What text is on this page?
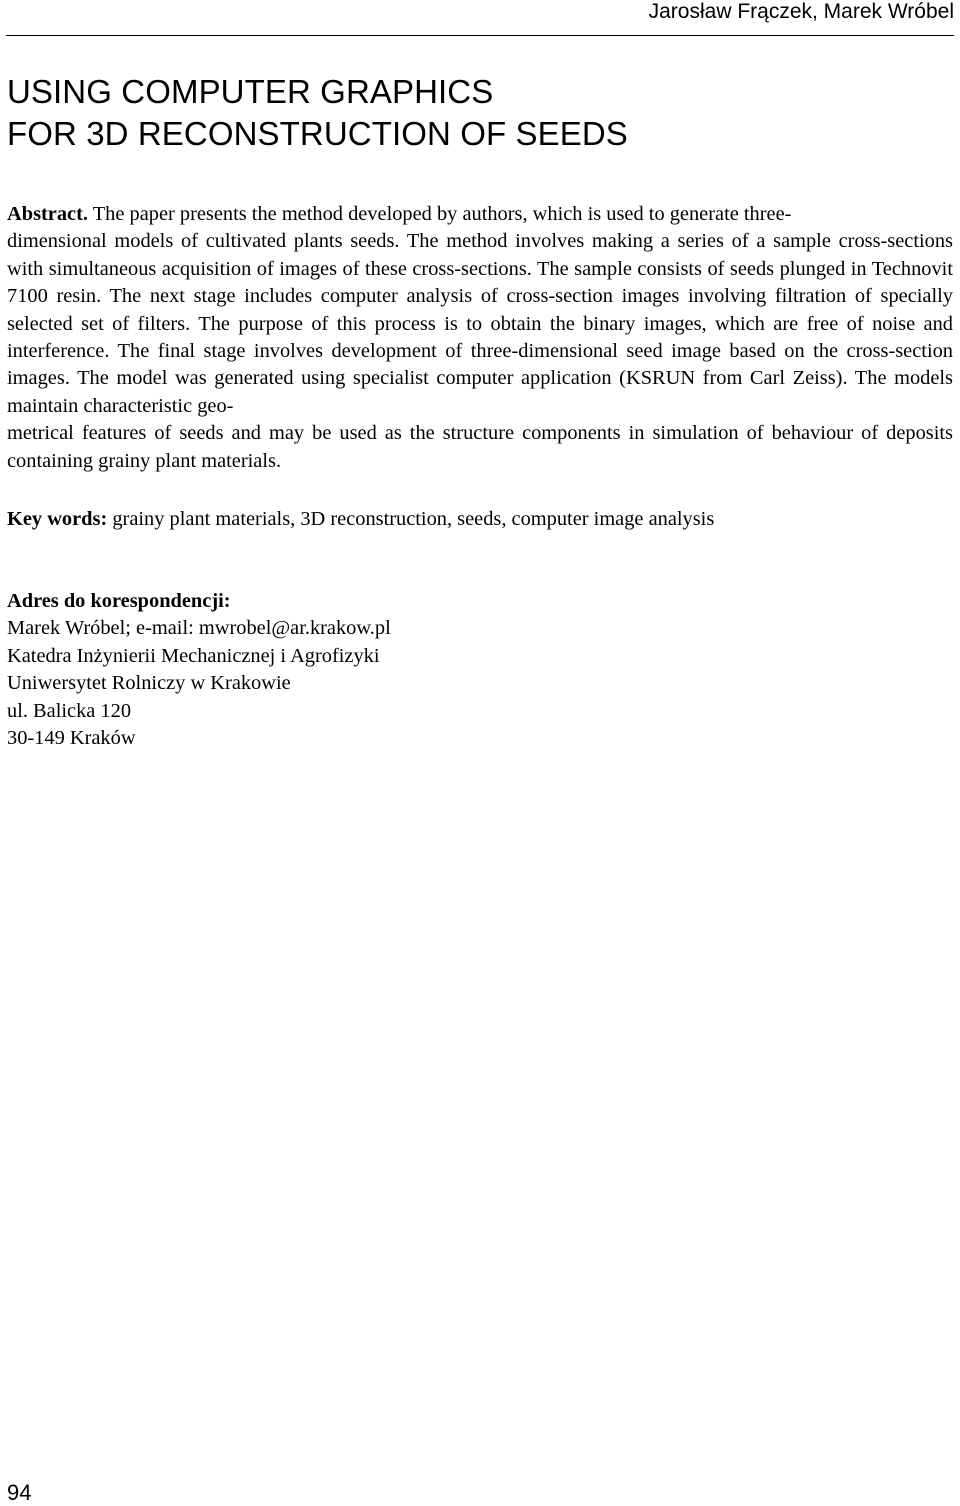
Jarosław Frączek, Marek Wróbel
USING COMPUTER GRAPHICS
FOR 3D RECONSTRUCTION OF SEEDS

Abstract. The paper presents the method developed by authors, which is used to generate three-
dimensional models of cultivated plants seeds. The method involves making a series of a sample cross-sections with simultaneous acquisition of images of these cross-sections. The sample consists of seeds plunged in Technovit 7100 resin. The next stage includes computer analysis of cross-section images involving filtration of specially selected set of filters. The purpose of this process is to obtain the binary images, which are free of noise and interference. The final stage involves development of three-dimensional seed image based on the cross-section images. The model was generated using specialist computer application (KSRUN from Carl Zeiss). The models maintain characteristic geo-
metrical features of seeds and may be used as the structure components in simulation of behaviour of deposits containing grainy plant materials.

Key words: grainy plant materials, 3D reconstruction, seeds, computer image analysis

Adres do korespondencji:
Marek Wróbel; e-mail: mwrobel@ar.krakow.pl
Katedra Inżynierii Mechanicznej i Agrofizyki
Uniwersytet Rolniczy w Krakowie
ul. Balicka 120
30-149 Kraków
94
